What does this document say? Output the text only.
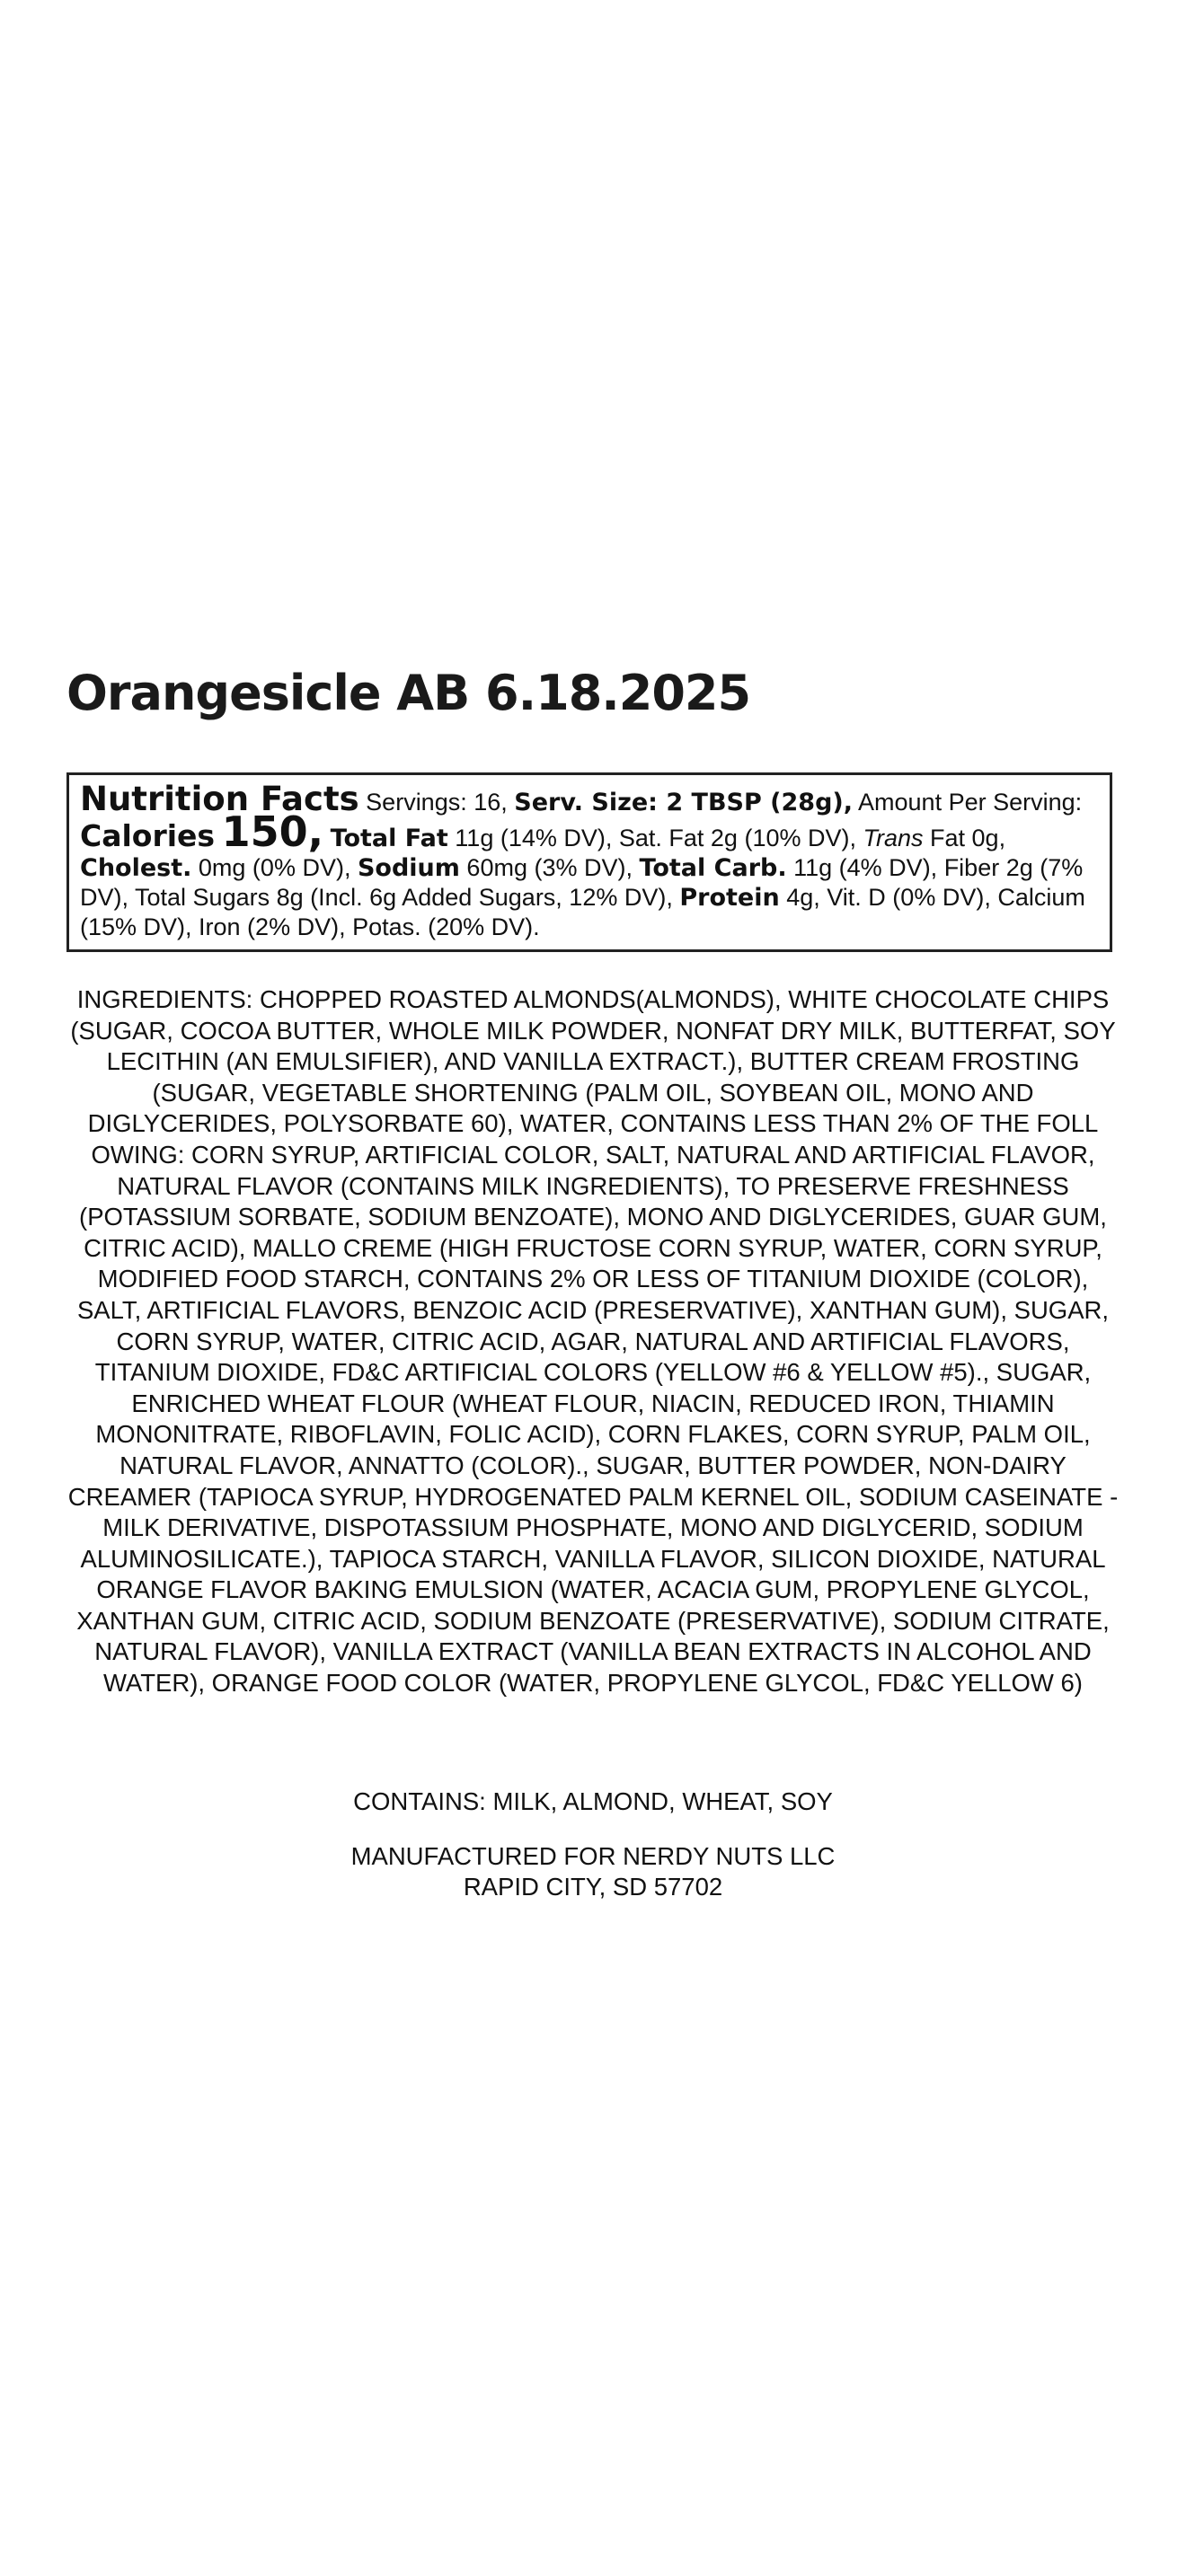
Orangesicle AB 6.18.2025
Nutrition Facts Servings: 16, Serv. Size: 2 TBSP (28g), Amount Per Serving: Calories 150, Total Fat 11g (14% DV), Sat. Fat 2g (10% DV), Trans Fat 0g, Cholest. 0mg (0% DV), Sodium 60mg (3% DV), Total Carb. 11g (4% DV), Fiber 2g (7% DV), Total Sugars 8g (Incl. 6g Added Sugars, 12% DV), Protein 4g, Vit. D (0% DV), Calcium (15% DV), Iron (2% DV), Potas. (20% DV).

INGREDIENTS: CHOPPED ROASTED ALMONDS(ALMONDS), WHITE CHOCOLATE CHIPS (SUGAR, COCOA BUTTER, WHOLE MILK POWDER, NONFAT DRY MILK, BUTTERFAT, SOY LECITHIN (AN EMULSIFIER), AND VANILLA EXTRACT.), BUTTER CREAM FROSTING (SUGAR, VEGETABLE SHORTENING (PALM OIL, SOYBEAN OIL, MONO AND DIGLYCERIDES, POLYSORBATE 60), WATER, CONTAINS LESS THAN 2% OF THE FOLL OWING: CORN SYRUP, ARTIFICIAL COLOR, SALT, NATURAL AND ARTIFICIAL FLAVOR, NATURAL FLAVOR (CONTAINS MILK INGREDIENTS), TO PRESERVE FRESHNESS (POTASSIUM SORBATE, SODIUM BENZOATE), MONO AND DIGLYCERIDES, GUAR GUM, CITRIC ACID), MALLO CREME (HIGH FRUCTOSE CORN SYRUP, WATER, CORN SYRUP, MODIFIED FOOD STARCH, CONTAINS 2% OR LESS OF TITANIUM DIOXIDE (COLOR), SALT, ARTIFICIAL FLAVORS, BENZOIC ACID (PRESERVATIVE), XANTHAN GUM), SUGAR, CORN SYRUP, WATER, CITRIC ACID, AGAR, NATURAL AND ARTIFICIAL FLAVORS, TITANIUM DIOXIDE, FD&C ARTIFICIAL COLORS (YELLOW #6 & YELLOW #5)., SUGAR, ENRICHED WHEAT FLOUR (WHEAT FLOUR, NIACIN, REDUCED IRON, THIAMIN MONONITRATE, RIBOFLAVIN, FOLIC ACID), CORN FLAKES, CORN SYRUP, PALM OIL, NATURAL FLAVOR, ANNATTO (COLOR)., SUGAR, BUTTER POWDER, NON-DAIRY CREAMER (TAPIOCA SYRUP, HYDROGENATED PALM KERNEL OIL, SODIUM CASEINATE - MILK DERIVATIVE, DISPOTASSIUM PHOSPHATE, MONO AND DIGLYCERID, SODIUM ALUMINOSILICATE.), TAPIOCA STARCH, VANILLA FLAVOR, SILICON DIOXIDE, NATURAL ORANGE FLAVOR BAKING EMULSION (WATER, ACACIA GUM, PROPYLENE GLYCOL, XANTHAN GUM, CITRIC ACID, SODIUM BENZOATE (PRESERVATIVE), SODIUM CITRATE, NATURAL FLAVOR), VANILLA EXTRACT (VANILLA BEAN EXTRACTS IN ALCOHOL AND WATER), ORANGE FOOD COLOR (WATER, PROPYLENE GLYCOL, FD&C YELLOW 6)

CONTAINS: MILK, ALMOND, WHEAT, SOY

MANUFACTURED FOR NERDY NUTS LLC
RAPID CITY, SD 57702
